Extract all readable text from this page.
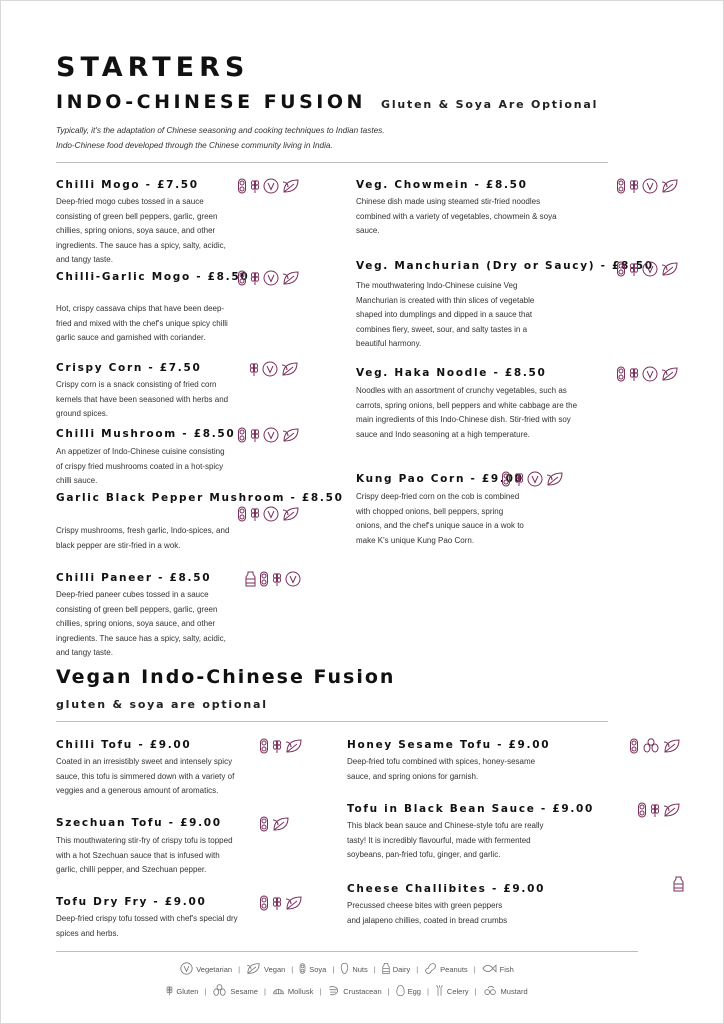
STARTERS
INDO-CHINESE FUSION Gluten & Soya Are Optional
Typically, it's the adaptation of Chinese seasoning and cooking techniques to Indian tastes. Indo-Chinese food developed through the Chinese community living in India.
Chilli Mogo - £7.50
Deep-fried mogo cubes tossed in a sauce consisting of green bell peppers, garlic, green chillies, spring onions, soya sauce, and other ingredients. The sauce has a spicy, salty, acidic, and tangy taste.
Chilli-Garlic Mogo - £8.50
Hot, crispy cassava chips that have been deep-fried and mixed with the chef's unique spicy chilli garlic sauce and garnished with coriander.
Crispy Corn - £7.50
Crispy corn is a snack consisting of fried corn kernels that have been seasoned with herbs and ground spices.
Chilli Mushroom - £8.50
An appetizer of Indo-Chinese cuisine consisting of crispy fried mushrooms coated in a hot-spicy chilli sauce.
Garlic Black Pepper Mushroom - £8.50
Crispy mushrooms, fresh garlic, Indo-spices, and black pepper are stir-fried in a wok.
Chilli Paneer - £8.50
Deep-fried paneer cubes tossed in a sauce consisting of green bell peppers, garlic, green chillies, spring onions, soya sauce, and other ingredients. The sauce has a spicy, salty, acidic, and tangy taste.
Veg. Chowmein - £8.50
Chinese dish made using steamed stir-fried noodles combined with a variety of vegetables, chowmein & soya sauce.
Veg. Manchurian (Dry or Saucy) - £8.50
The mouthwatering Indo-Chinese cuisine Veg Manchurian is created with thin slices of vegetable shaped into dumplings and dipped in a sauce that combines fiery, sweet, sour, and salty tastes in a beautiful harmony.
Veg. Haka Noodle - £8.50
Noodles with an assortment of crunchy vegetables, such as carrots, spring onions, bell peppers and white cabbage are the main ingredients of this Indo-Chinese dish. Stir-fried with soy sauce and Indo seasoning at a high temperature.
Kung Pao Corn - £9.00
Crispy deep-fried corn on the cob is combined with chopped onions, bell peppers, spring onions, and the chef's unique sauce in a wok to make K's unique Kung Pao Corn.
Vegan Indo-Chinese Fusion
gluten & soya are optional
Chilli Tofu - £9.00
Coated in an irresistibly sweet and intensely spicy sauce, this tofu is simmered down with a variety of veggies and a generous amount of aromatics.
Szechuan Tofu - £9.00
This mouthwatering stir-fry of crispy tofu is topped with a hot Szechuan sauce that is infused with garlic, chilli pepper, and Szechuan pepper.
Tofu Dry Fry - £9.00
Deep-fried crispy tofu tossed with chef's special dry spices and herbs.
Honey Sesame Tofu - £9.00
Deep-fried tofu combined with spices, honey-sesame sauce, and spring onions for garnish.
Tofu in Black Bean Sauce - £9.00
This black bean sauce and Chinese-style tofu are really tasty! It is incredibly flavourful, made with fermented soybeans, pan-fried tofu, ginger, and garlic.
Cheese Challibites - £9.00
Precussed cheese bites with green peppers and jalapeno chillies, coated in bread crumbs
Vegetarian |	Vegan | Soya | Nuts | Dairy |	Peanuts |	Fish
Gluten |	Sesame |	Mollusk |	Crustacean | Egg | Celery |	Mustard
